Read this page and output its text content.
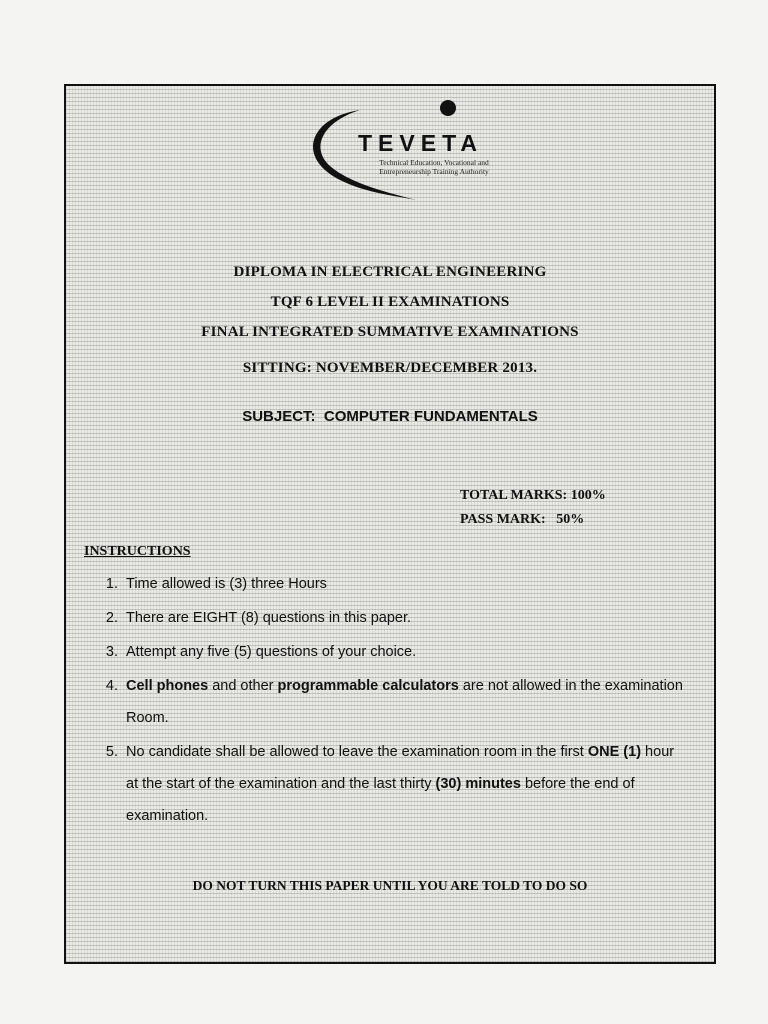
TEVETA
Technical Education, Vocational and
Entrepreneurship Training Authority
DIPLOMA IN ELECTRICAL ENGINEERING
TQF 6 LEVEL II EXAMINATIONS
FINAL INTEGRATED SUMMATIVE EXAMINATIONS
SITTING: NOVEMBER/DECEMBER 2013.
SUBJECT: COMPUTER FUNDAMENTALS
TOTAL MARKS: 100%
PASS MARK: 50%
INSTRUCTIONS
1. Time allowed is (3) three Hours
2. There are EIGHT (8) questions in this paper.
3. Attempt any five (5) questions of your choice.
4. Cell phones and other programmable calculators are not allowed in the examination
Room.
5. No candidate shall be allowed to leave the examination room in the first ONE (1) hour
at the start of the examination and the last thirty (30) minutes before the end of
examination.
DO NOT TURN THIS PAPER UNTIL YOU ARE TOLD TO DO SO
